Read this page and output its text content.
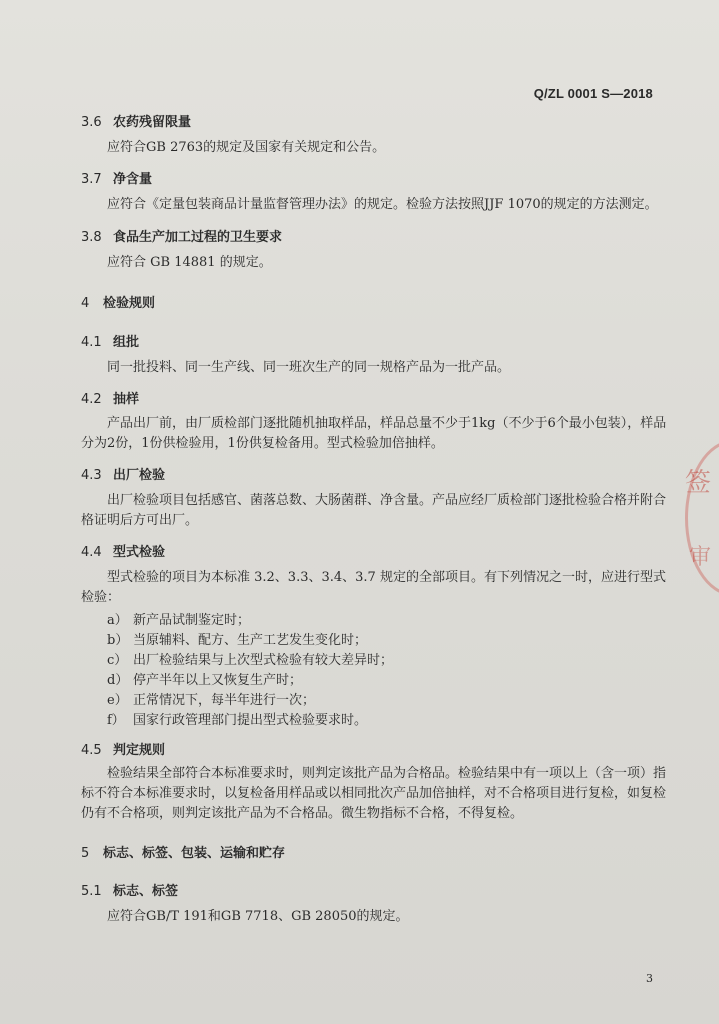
Q/ZL 0001 S—2018
3.6 农药残留限量
应符合GB 2763的规定及国家有关规定和公告。
3.7 净含量
应符合《定量包装商品计量监督管理办法》的规定。检验方法按照JJF 1070的规定的方法测定。
3.8 食品生产加工过程的卫生要求
应符合 GB 14881 的规定。
4 检验规则
4.1 组批
同一批投料、同一生产线、同一班次生产的同一规格产品为一批产品。
4.2 抽样
产品出厂前，由厂质检部门逐批随机抽取样品，样品总量不少于1kg（不少于6个最小包装），样品
分为2份，1份供检验用，1份供复检备用。型式检验加倍抽样。
4.3 出厂检验
出厂检验项目包括感官、菌落总数、大肠菌群、净含量。产品应经厂质检部门逐批检验合格并附合
格证明后方可出厂。
4.4 型式检验
型式检验的项目为本标准 3.2、3.3、3.4、3.7 规定的全部项目。有下列情况之一时，应进行型式
检验：
a） 新产品试制鉴定时；
b） 当原辅料、配方、生产工艺发生变化时；
c） 出厂检验结果与上次型式检验有较大差异时；
d） 停产半年以上又恢复生产时；
e） 正常情况下，每半年进行一次；
f） 国家行政管理部门提出型式检验要求时。
4.5 判定规则
检验结果全部符合本标准要求时，则判定该批产品为合格品。检验结果中有一项以上（含一项）指
标不符合本标准要求时，以复检备用样品或以相同批次产品加倍抽样，对不合格项目进行复检，如复检
仍有不合格项，则判定该批产品为不合格品。微生物指标不合格，不得复检。
5 标志、标签、包装、运输和贮存
5.1 标志、标签
应符合GB/T 191和GB 7718、GB 28050的规定。
3
签
审
